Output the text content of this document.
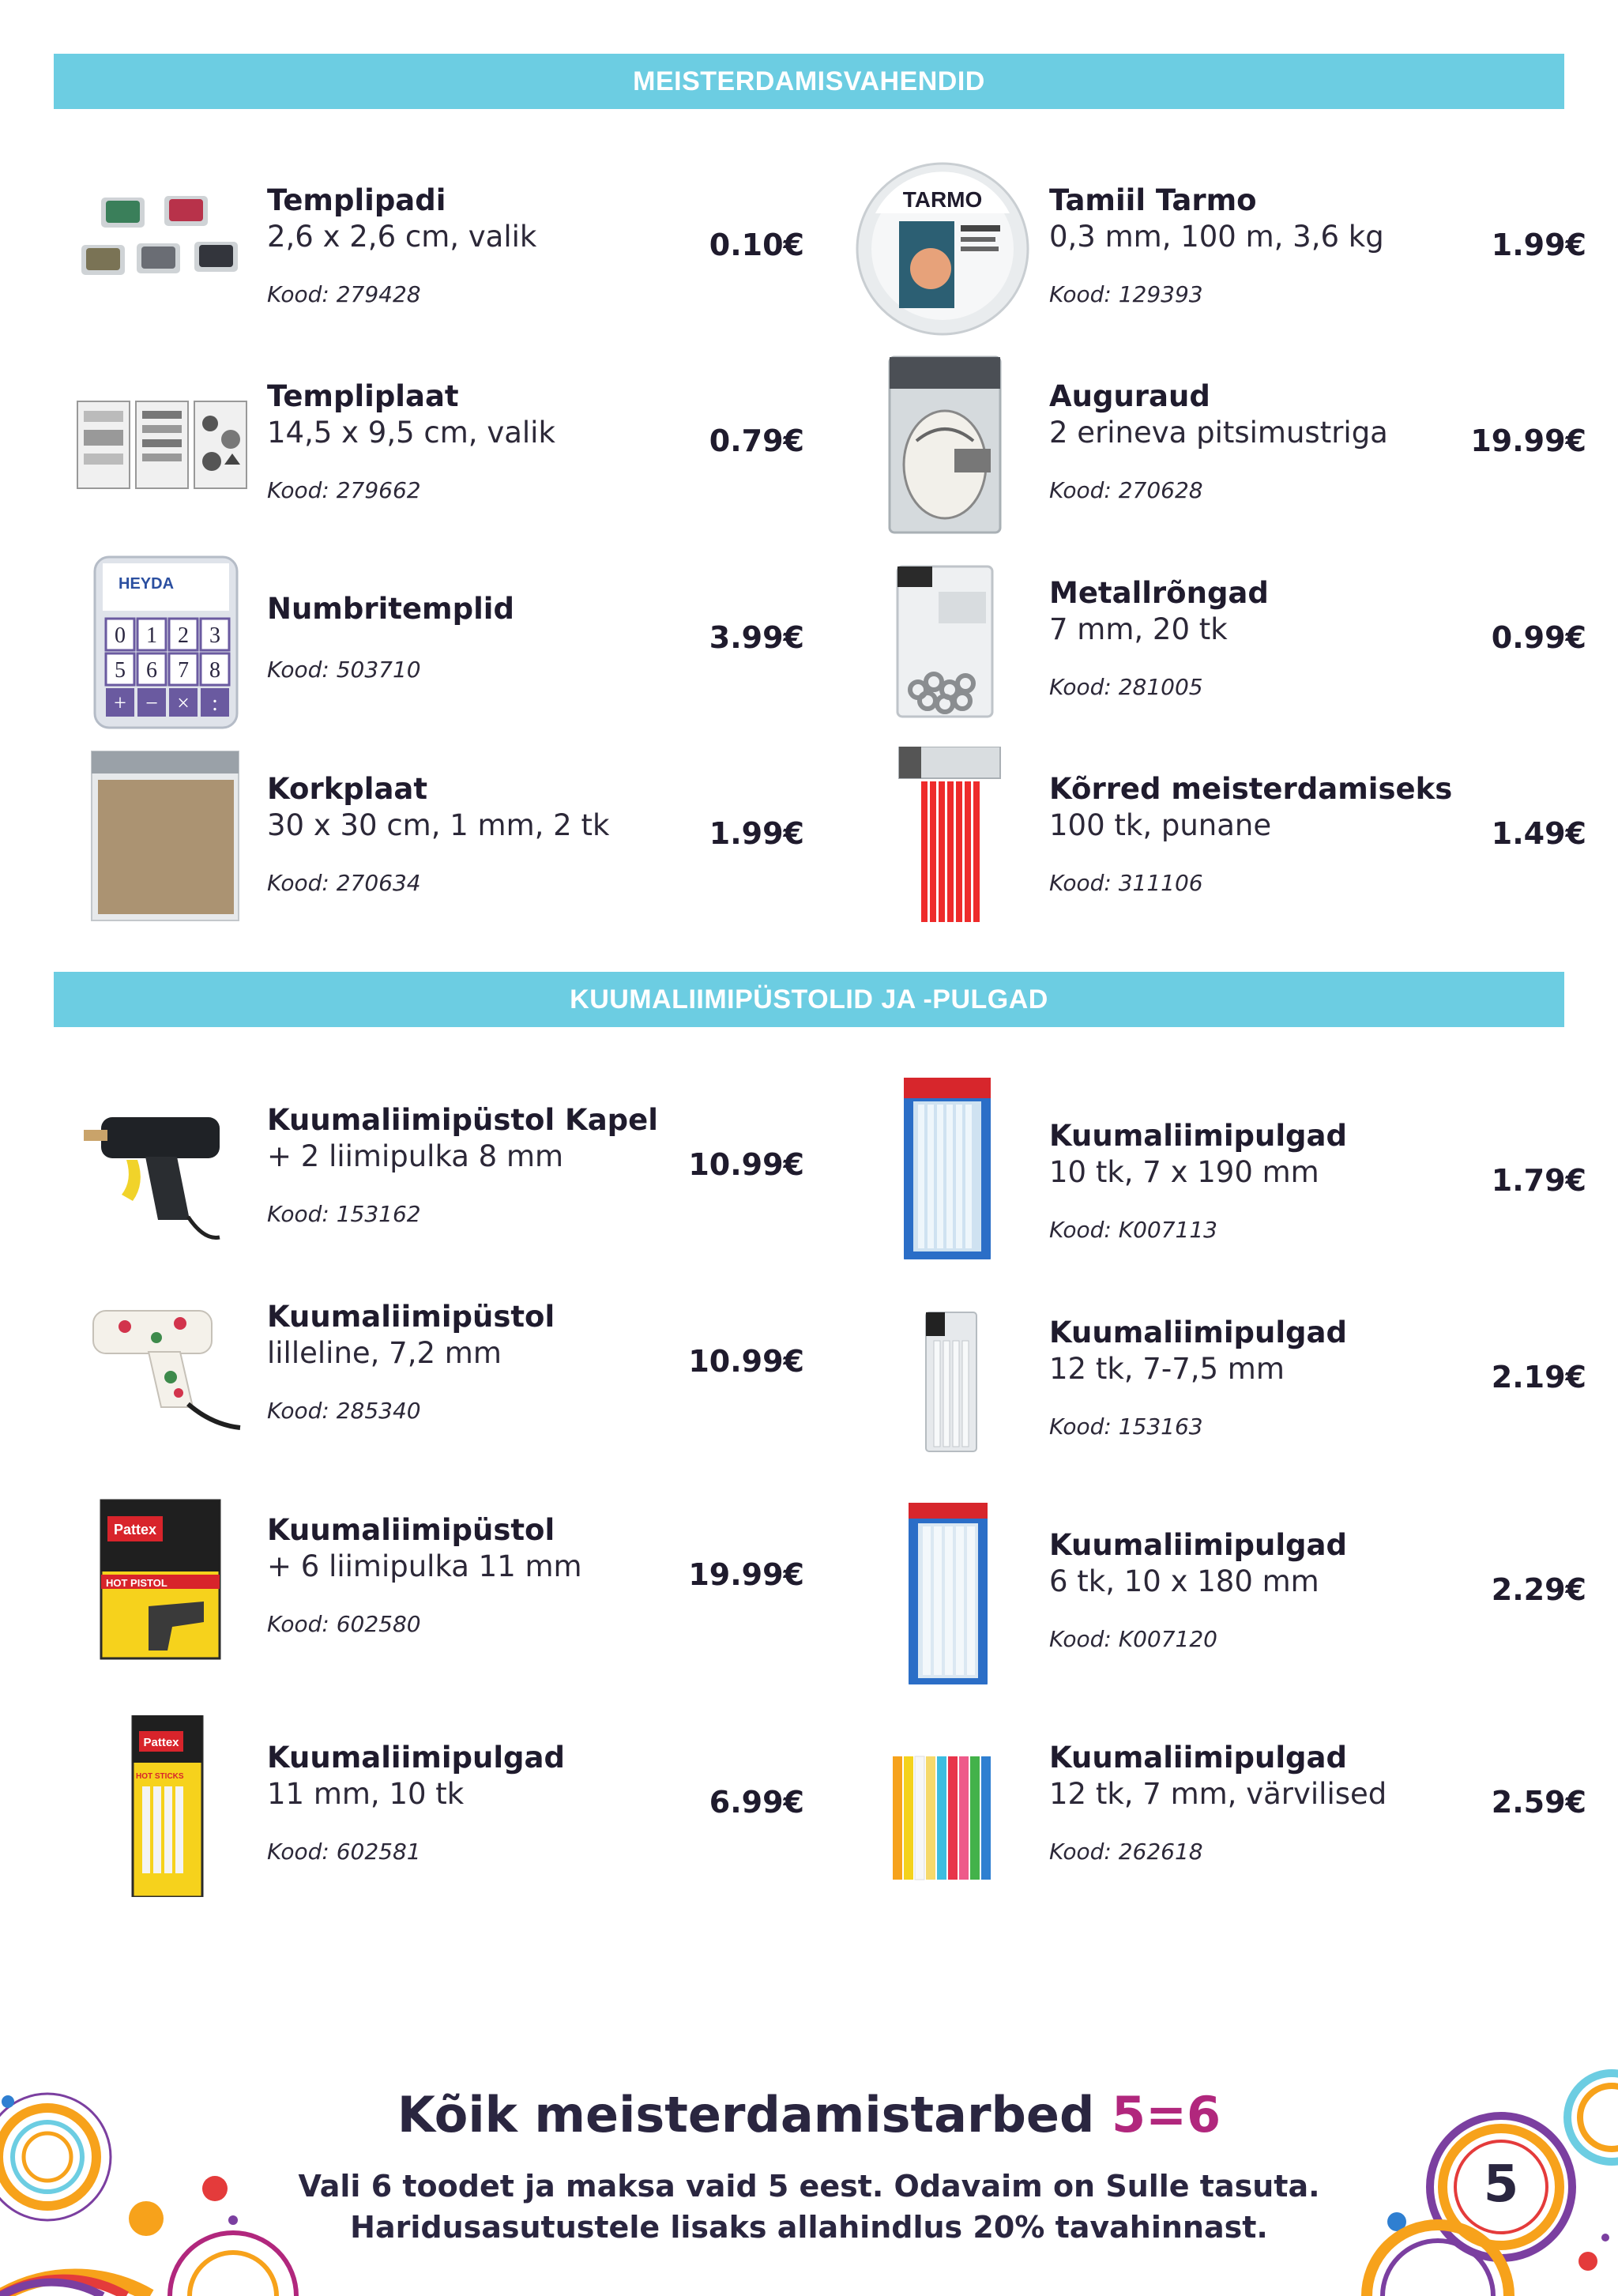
MEISTERDAMISVAHENDID
KUUMALIIMIPÜSTOLID JA -PULGAD
Templipadi
2,6 x 2,6 cm, valik
Kood: 279428
0.10€
TARMO Tamiil Tarmo
0,3 mm, 100 m, 3,6 kg
Kood: 129393
1.99€
Templiplaat
14,5 x 9,5 cm, valik
Kood: 279662
0.79€
Auguraud
2 erineva pitsimustriga
Kood: 270628
19.99€
HEYDA
0 1 2 3
5 6 7 8
+ − × :
Numbritemplid
Kood: 503710
3.99€
Metallrõngad
7 mm, 20 tk
Kood: 281005
0.99€
Korkplaat
30 x 30 cm, 1 mm, 2 tk
Kood: 270634
1.99€
Kõrred meisterdamiseks
100 tk, punane
Kood: 311106
1.49€
Kuumaliimipüstol Kapel
+ 2 liimipulka 8 mm
Kood: 153162
10.99€
Kuumaliimipulgad
10 tk, 7 x 190 mm
Kood: K007113
1.79€
Kuumaliimipüstol
lilleline, 7,2 mm
Kood: 285340
10.99€
Kuumaliimipulgad
12 tk, 7-7,5 mm
Kood: 153163
2.19€
Pattex
HOT PISTOL
Kuumaliimipüstol
+ 6 liimipulka 11 mm
Kood: 602580
19.99€
Kuumaliimipulgad
6 tk, 10 x 180 mm
Kood: K007120
2.29€
Pattex
HOT STICKS
Kuumaliimipulgad
11 mm, 10 tk
Kood: 602581
6.99€
Kuumaliimipulgad
12 tk, 7 mm, värvilised
Kood: 262618
2.59€
Kõik meisterdamistarbed 5=6
Vali 6 toodet ja maksa vaid 5 eest. Odavaim on Sulle tasuta.
Haridusasutustele lisaks allahindlus 20% tavahinnast.
5
